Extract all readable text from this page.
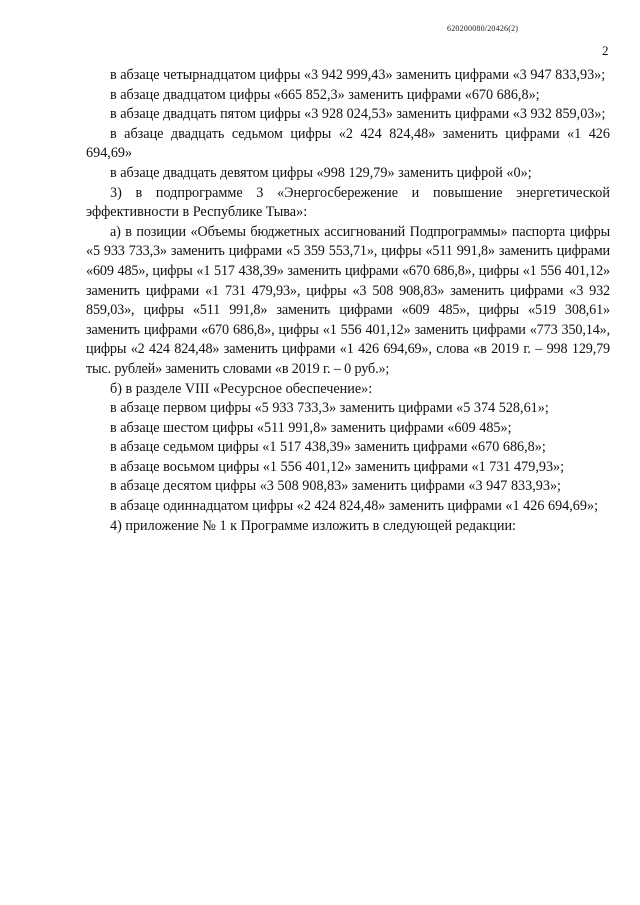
620200080/20426(2)
2

в абзаце четырнадцатом цифры «3 942 999,43» заменить цифрами «3 947 833,93»;

в абзаце двадцатом цифры «665 852,3» заменить цифрами «670 686,8»;

в абзаце двадцать пятом цифры «3 928 024,53» заменить цифрами «3 932 859,03»;

в абзаце двадцать седьмом цифры «2 424 824,48» заменить цифрами «1 426 694,69»

в абзаце двадцать девятом цифры «998 129,79» заменить цифрой «0»;

3) в подпрограмме 3 «Энергосбережение и повышение энергетической эффективности в Республике Тыва»:

а) в позиции «Объемы бюджетных ассигнований Подпрограммы» паспорта цифры «5 933 733,3» заменить цифрами «5 359 553,71», цифры «511 991,8» заменить цифрами «609 485», цифры «1 517 438,39» заменить цифрами «670 686,8», цифры «1 556 401,12» заменить цифрами «1 731 479,93», цифры «3 508 908,83» заменить цифрами «3 932 859,03», цифры «511 991,8» заменить цифрами «609 485», цифры «519 308,61» заменить цифрами «670 686,8», цифры «1 556 401,12» заменить цифрами «773 350,14», цифры «2 424 824,48» заменить цифрами «1 426 694,69», слова «в 2019 г. – 998 129,79 тыс. рублей» заменить словами «в 2019 г. – 0 руб.»;

б) в разделе VIII «Ресурсное обеспечение»:

в абзаце первом цифры «5 933 733,3» заменить цифрами «5 374 528,61»;

в абзаце шестом цифры «511 991,8» заменить цифрами «609 485»;

в абзаце седьмом цифры «1 517 438,39» заменить цифрами «670 686,8»;

в абзаце восьмом цифры «1 556 401,12» заменить цифрами «1 731 479,93»;

в абзаце десятом цифры «3 508 908,83» заменить цифрами «3 947 833,93»;

в абзаце одиннадцатом цифры «2 424 824,48» заменить цифрами «1 426 694,69»;

4) приложение № 1 к Программе изложить в следующей редакции:
